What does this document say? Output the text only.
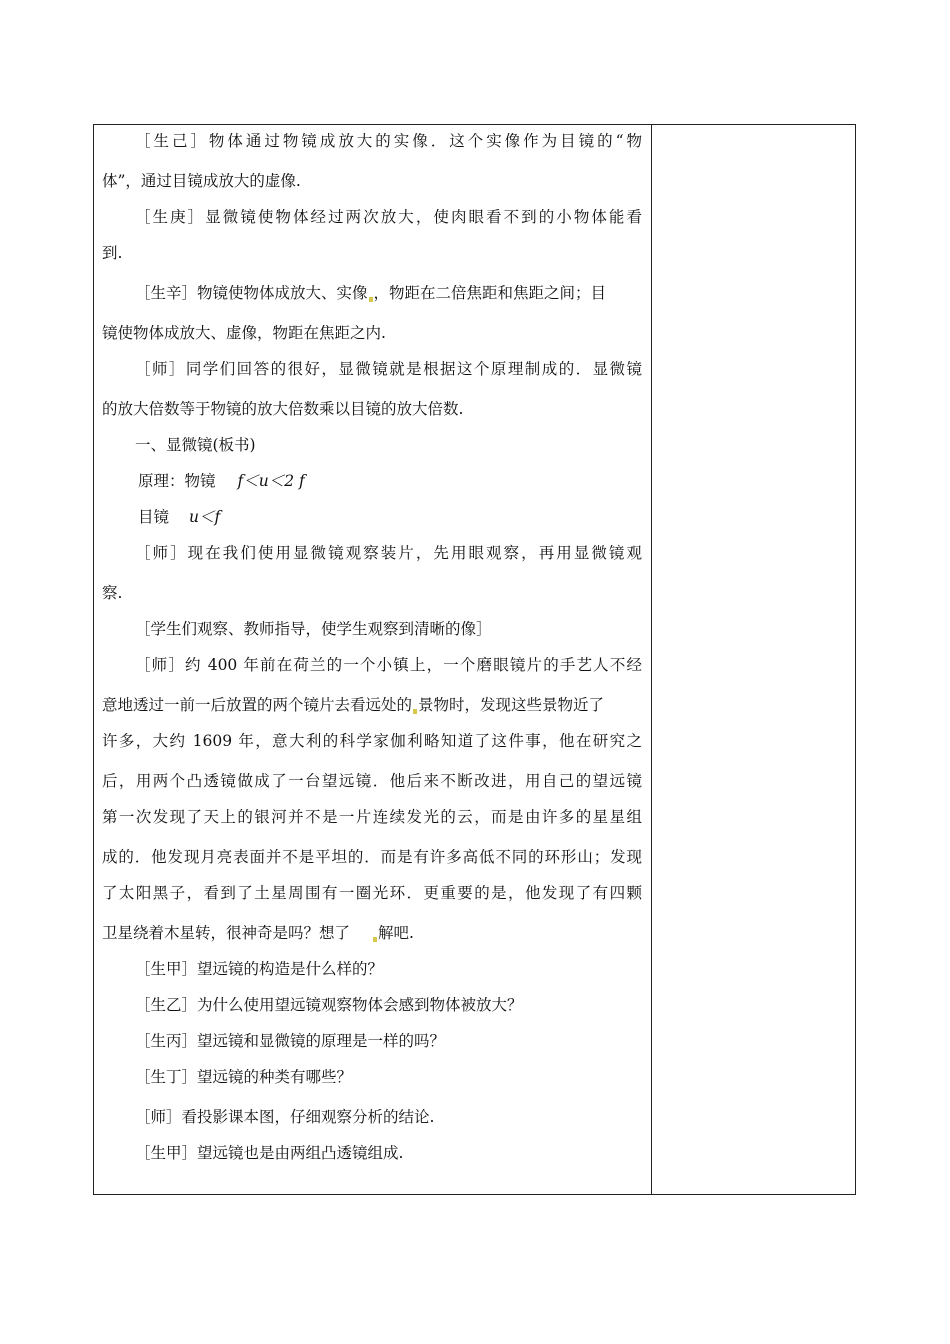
［生己］物体通过物镜成放大的实像．这个实像作为目镜的“物
体”，通过目镜成放大的虚像.
［生庚］显微镜使物体经过两次放大，使肉眼看不到的小物体能看
到.
［生辛］物镜使物体成放大、实像 ，物距在二倍焦距和焦距之间；目
镜使物体成放大、虚像，物距在焦距之内.
［师］同学们回答的很好，显微镜就是根据这个原理制成的．显微镜
的放大倍数等于物镜的放大倍数乘以目镜的放大倍数.
一、显微镜(板书)
原理：物镜 f＜u＜2 f
目镜 u＜f
［师］现在我们使用显微镜观察装片，先用眼观察，再用显微镜观
察.
［学生们观察、教师指导，使学生观察到清晰的像］
［师］约 400 年前在荷兰的一个小镇上，一个磨眼镜片的手艺人不经
意地透过一前一后放置的两个镜片去看远处的 景物时，发现这些景物近了
许多，大约 1609 年，意大利的科学家伽利略知道了这件事，他在研究之
后，用两个凸透镜做成了一台望远镜．他后来不断改进，用自己的望远镜
第一次发现了天上的银河并不是一片连续发光的云，而是由许多的星星组
成的．他发现月亮表面并不是平坦的．而是有许多高低不同的环形山；发现
了太阳黑子，看到了土星周围有一圈光环．更重要的是，他发现了有四颗
卫星绕着木星转，很神奇是吗？想了 解吧.
［生甲］望远镜的构造是什么样的？
［生乙］为什么使用望远镜观察物体会感到物体被放大？
［生丙］望远镜和显微镜的原理是一样的吗？
［生丁］望远镜的种类有哪些？
［师］看投影课本图，仔细观察分析的结论.
［生甲］望远镜也是由两组凸透镜组成.
